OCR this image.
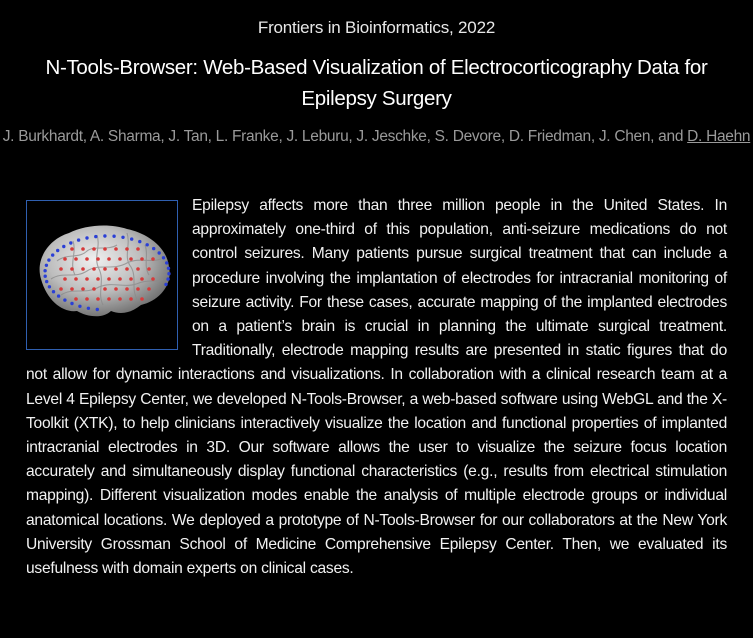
Frontiers in Bioinformatics, 2022
N-Tools-Browser: Web-Based Visualization of Electrocorticography Data for Epilepsy Surgery
J. Burkhardt, A. Sharma, J. Tan, L. Franke, J. Leburu, J. Jeschke, S. Devore, D. Friedman, J. Chen, and D. Haehn
Epilepsy affects more than three million people in the United States. In approximately one-third of this population, anti-seizure medications do not control seizures. Many patients pursue surgical treatment that can include a procedure involving the implantation of electrodes for intracranial monitoring of seizure activity. For these cases, accurate mapping of the implanted electrodes on a patient’s brain is crucial in planning the ultimate surgical treatment. Traditionally, electrode mapping results are presented in static figures that do not allow for dynamic interactions and visualizations. In collaboration with a clinical research team at a Level 4 Epilepsy Center, we developed N-Tools-Browser, a web-based software using WebGL and the X-Toolkit (XTK), to help clinicians interactively visualize the location and functional properties of implanted intracranial electrodes in 3D. Our software allows the user to visualize the seizure focus location accurately and simultaneously display functional characteristics (e.g., results from electrical stimulation mapping). Different visualization modes enable the analysis of multiple electrode groups or individual anatomical locations. We deployed a prototype of N-Tools-Browser for our collaborators at the New York University Grossman School of Medicine Comprehensive Epilepsy Center. Then, we evaluated its usefulness with domain experts on clinical cases.
